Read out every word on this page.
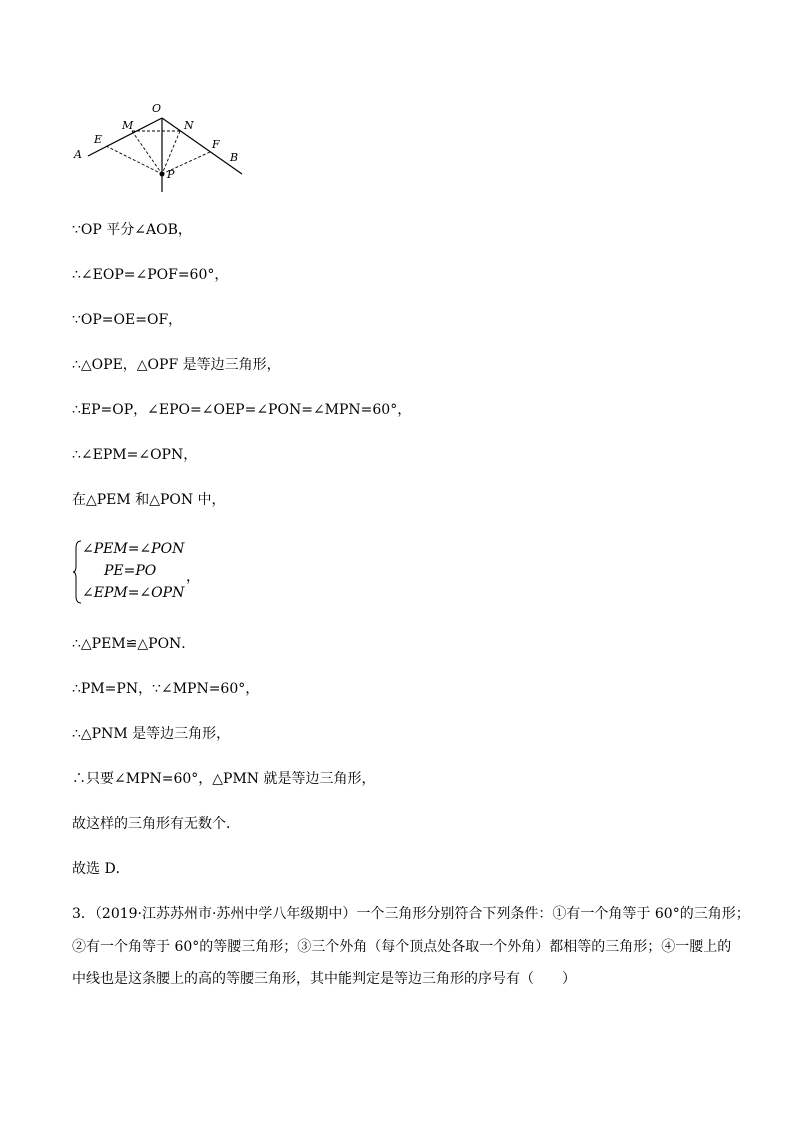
O
M	N
E	F
A	B
P
∵OP 平分∠AOB，
∴∠EOP=∠POF=60°，
∵OP=OE=OF，
∴△OPE，△OPF 是等边三角形，
∴EP=OP，∠EPO=∠OEP=∠PON=∠MPN=60°，
∴∠EPM=∠OPN，
在△PEM 和△PON 中，
∠PEM=∠PON
PE=PO
∠EPM=∠OPN
，
∴△PEM≌△PON．
∴PM=PN，∵∠MPN=60°，
∴△PNM 是等边三角形，
∴只要∠MPN=60°，△PMN 就是等边三角形，
故这样的三角形有无数个．
故选 D．
3．（2019·江苏苏州市·苏州中学八年级期中）一个三角形分别符合下列条件：①有一个角等于 60°的三角形；
②有一个角等于 60°的等腰三角形；③三个外角（每个顶点处各取一个外角）都相等的三角形；④一腰上的
中线也是这条腰上的高的等腰三角形，其中能判定是等边三角形的序号有（　　）
